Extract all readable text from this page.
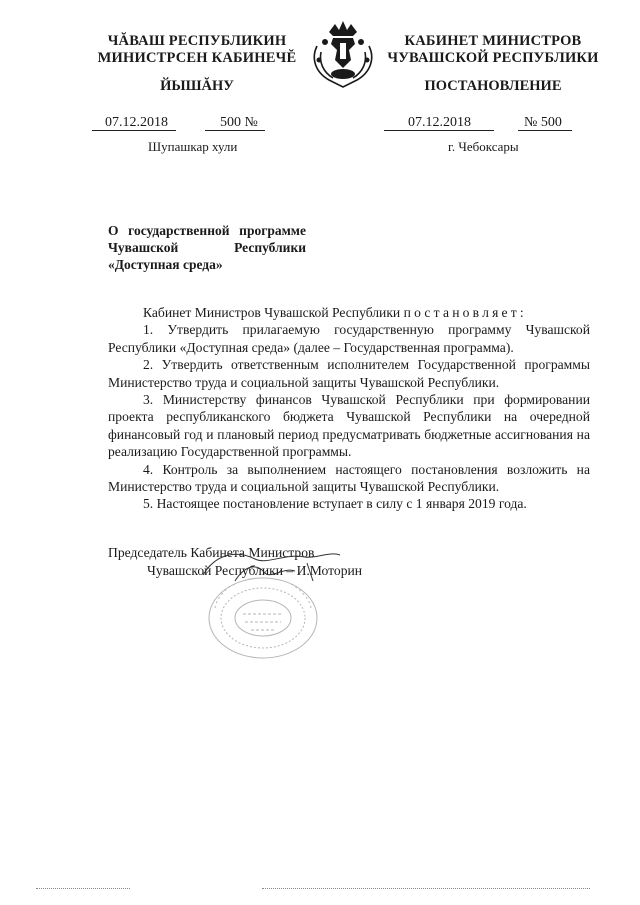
ЧĂВАШ РЕСПУБЛИКИН
МИНИСТРСЕН КАБИНЕЧĔ
ЙЫШĂНУ
КАБИНЕТ МИНИСТРОВ
ЧУВАШСКОЙ РЕСПУБЛИКИ
ПОСТАНОВЛЕНИЕ
07.12.2018	500 №
Шупашкар хули
07.12.2018	№ 500
г. Чебоксары
О государственной программе Чувашской Республики «Доступная среда»

Кабинет Министров Чувашской Республики постановляет:

1. Утвердить прилагаемую государственную программу Чувашской Республики «Доступная среда» (далее – Государственная программа).

2. Утвердить ответственным исполнителем Государственной программы Министерство труда и социальной защиты Чувашской Республики.

3. Министерству финансов Чувашской Республики при формировании проекта республиканского бюджета Чувашской Республики на очередной финансовый год и плановый период предусматривать бюджетные ассигнования на реализацию Государственной программы.

4. Контроль за выполнением настоящего постановления возложить на Министерство труда и социальной защиты Чувашской Республики.

5. Настоящее постановление вступает в силу с 1 января 2019 года.

Председатель Кабинета Министров
Чувашской Республики – И.Моторин
